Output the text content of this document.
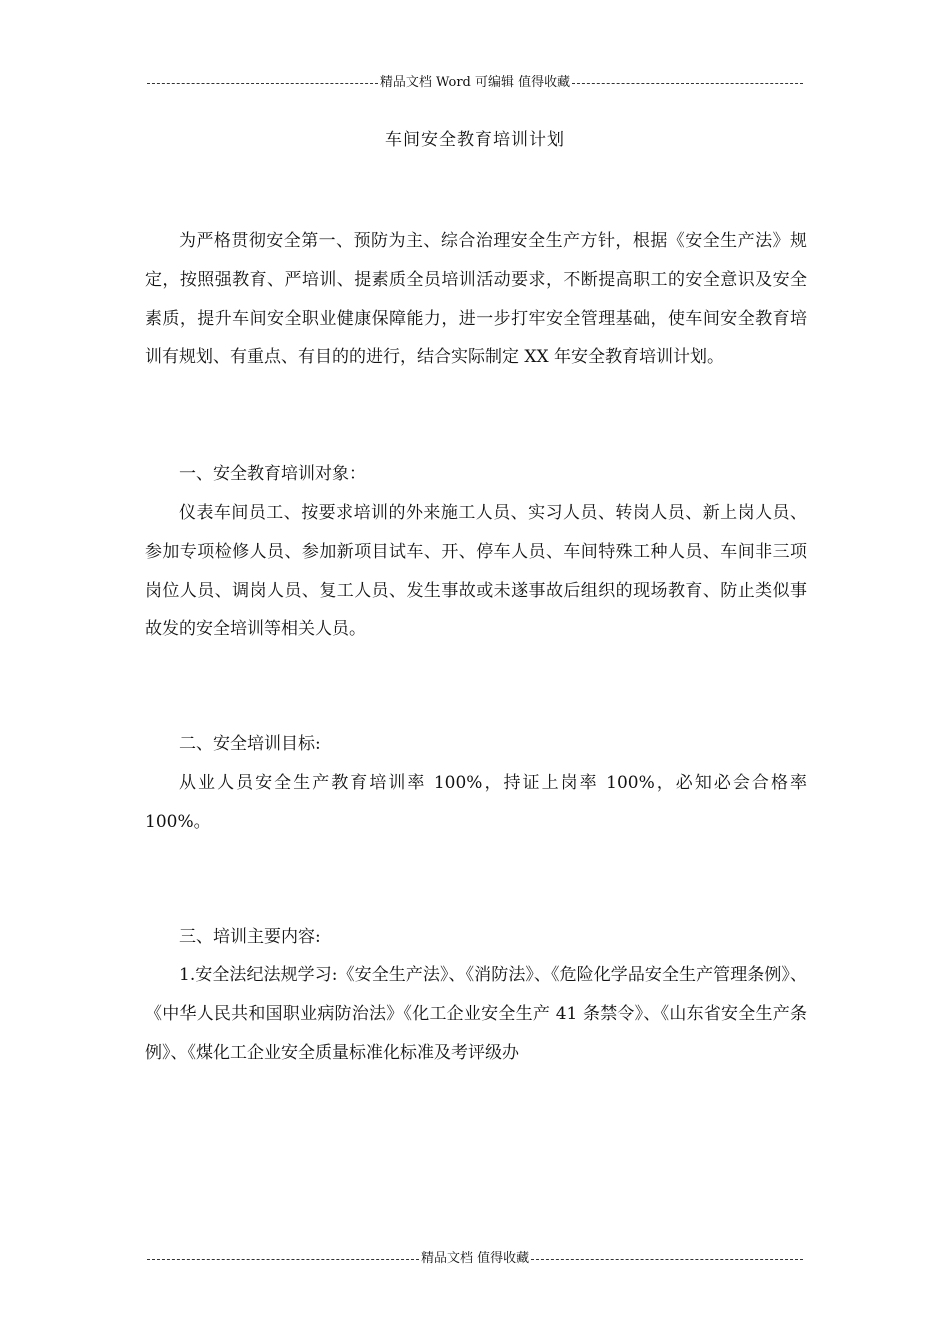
精品文档 Word 可编辑 值得收藏
车间安全教育培训计划

为严格贯彻安全第一、预防为主、综合治理安全生产方针，根据《安全生产法》规定，按照强教育、严培训、提素质全员培训活动要求，不断提高职工的安全意识及安全素质，提升车间安全职业健康保障能力，进一步打牢安全管理基础，使车间安全教育培训有规划、有重点、有目的的进行，结合实际制定 XX 年安全教育培训计划。

一、安全教育培训对象：

仪表车间员工、按要求培训的外来施工人员、实习人员、转岗人员、新上岗人员、参加专项检修人员、参加新项目试车、开、停车人员、车间特殊工种人员、车间非三项岗位人员、调岗人员、复工人员、发生事故或未遂事故后组织的现场教育、防止类似事故发的安全培训等相关人员。

二、安全培训目标:

从业人员安全生产教育培训率 100%，持证上岗率 100%，必知必会合格率 100%。

三、培训主要内容:

1.安全法纪法规学习:《安全生产法》、《消防法》、《危险化学品安全生产管理条例》、《中华人民共和国职业病防治法》《化工企业安全生产 41 条禁令》、《山东省安全生产条例》、《煤化工企业安全质量标准化标准及考评级办

精品文档 值得收藏
